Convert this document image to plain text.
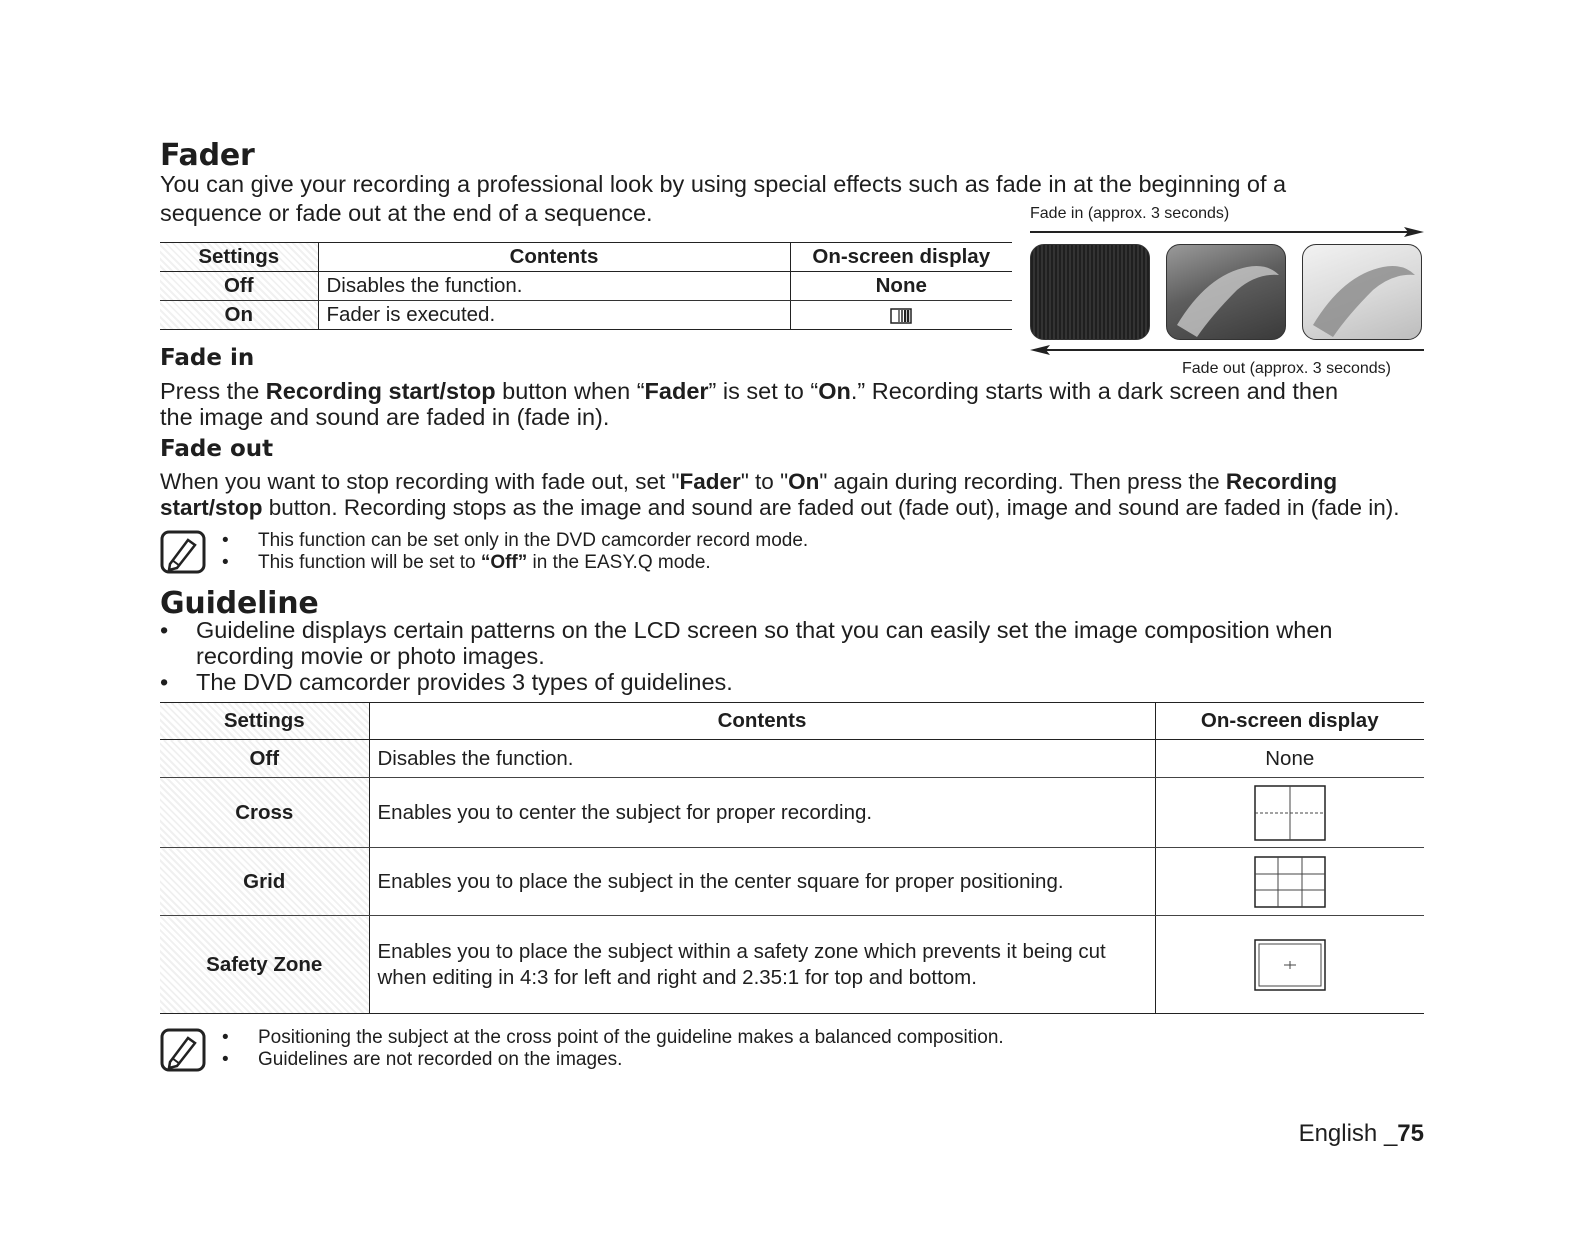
Fader
You can give your recording a professional look by using special effects such as fade in at the beginning of a
sequence or fade out at the end of a sequence.	Fade in (approx. 3 seconds)
Fade out (approx. 3 seconds)
Settings	Contents	On-screen display
Off	Disables the function.	None
On	Fader is executed.	
Fade in
Press the Recording start/stop button when “Fader” is set to “On.” Recording starts with a dark screen and then
the image and sound are faded in (fade in).
Fade out
When you want to stop recording with fade out, set "Fader" to "On" again during recording. Then press the Recording
start/stop button. Recording stops as the image and sound are faded out (fade out), image and sound are faded in (fade in).
• This function can be set only in the DVD camcorder record mode.
• This function will be set to “Off” in the EASY.Q mode.
Guideline
• Guideline displays certain patterns on the LCD screen so that you can easily set the image composition when
recording movie or photo images.
• The DVD camcorder provides 3 types of guidelines.
Settings	Contents	On-screen display
Off	Disables the function.	None
Cross	Enables you to center the subject for proper recording.	
Grid	Enables you to place the subject in the center square for proper positioning.	
Safety Zone	Enables you to place the subject within a safety zone which prevents it being cut
when editing in 4:3 for left and right and 2.35:1 for top and bottom.	
• Positioning the subject at the cross point of the guideline makes a balanced composition.
• Guidelines are not recorded on the images.
English _75
